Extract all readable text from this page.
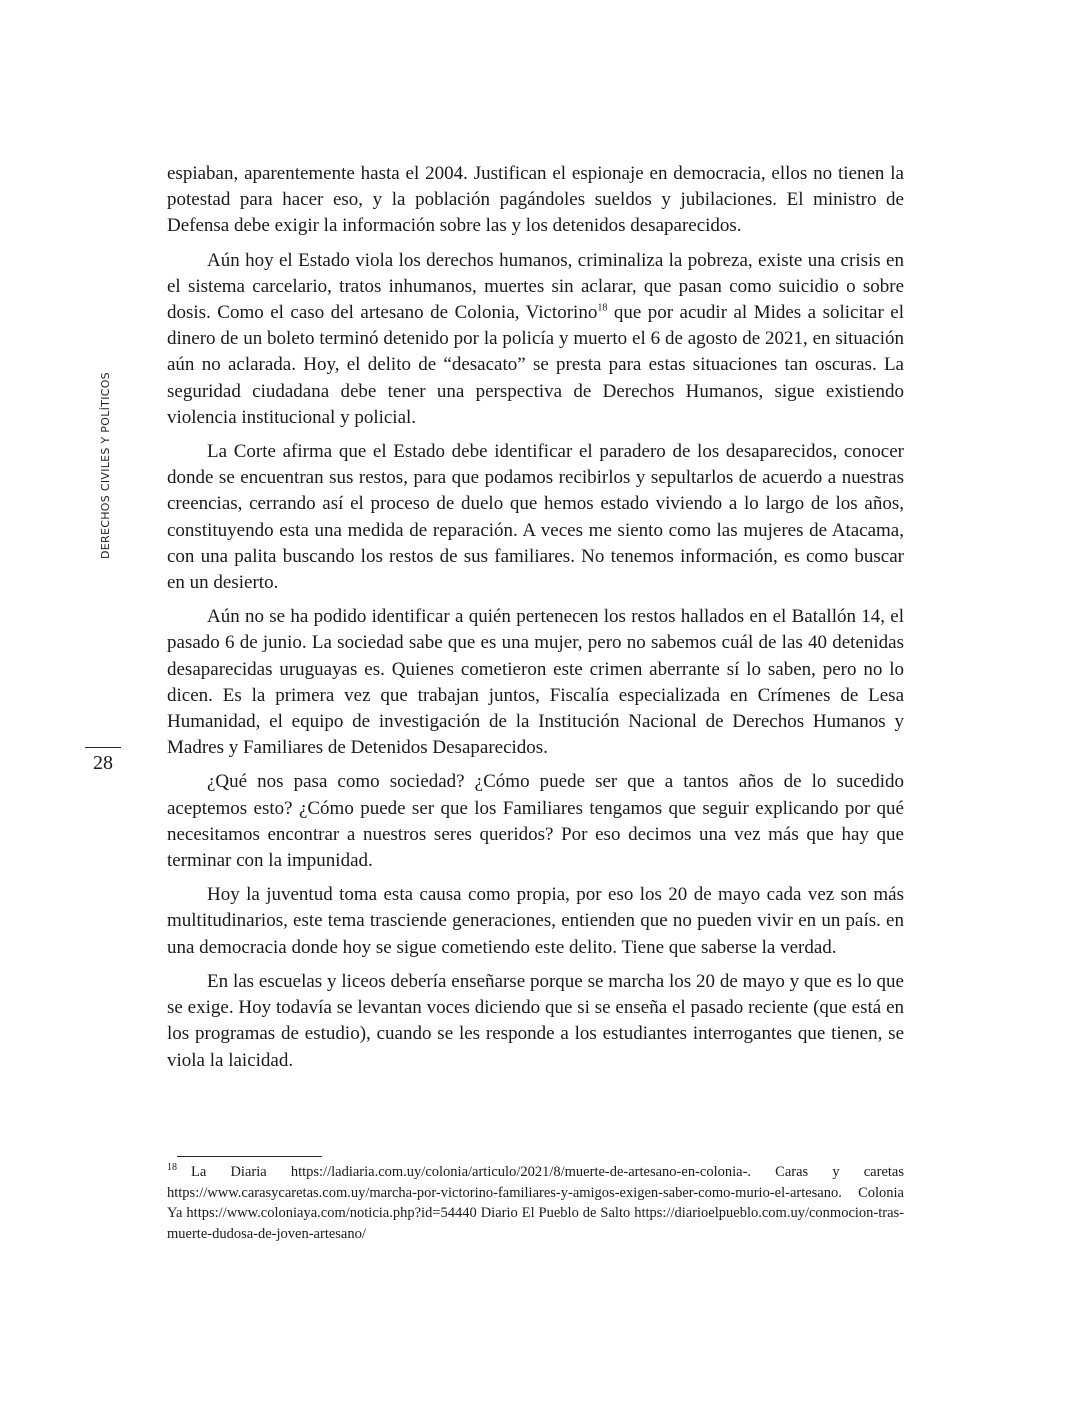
DERECHOS CIVILES Y POLÍTICOS
28

espiaban, aparentemente hasta el 2004. Justifican el espionaje en democracia, ellos no tienen la potestad para hacer eso, y la población pagándoles sueldos y jubilaciones. El ministro de Defensa debe exigir la información sobre las y los detenidos desaparecidos.

Aún hoy el Estado viola los derechos humanos, criminaliza la pobreza, existe una crisis en el sistema carcelario, tratos inhumanos, muertes sin aclarar, que pasan como suicidio o sobre dosis. Como el caso del artesano de Colonia, Victorino$^{18}$ que por acudir al Mides a solicitar el dinero de un boleto terminó detenido por la policía y muerto el 6 de agosto de 2021, en situación aún no aclarada. Hoy, el delito de “desacato” se presta para estas situaciones tan oscuras. La seguridad ciudadana debe tener una perspectiva de Derechos Humanos, sigue existiendo violencia institucional y policial.

La Corte afirma que el Estado debe identificar el paradero de los desaparecidos, conocer donde se encuentran sus restos, para que podamos recibirlos y sepultarlos de acuerdo a nuestras creencias, cerrando así el proceso de duelo que hemos estado viviendo a lo largo de los años, constituyendo esta una medida de reparación. A veces me siento como las mujeres de Atacama, con una palita buscando los restos de sus familiares. No tenemos información, es como buscar en un desierto.

Aún no se ha podido identificar a quién pertenecen los restos hallados en el Batallón 14, el pasado 6 de junio. La sociedad sabe que es una mujer, pero no sabemos cuál de las 40 detenidas desaparecidas uruguayas es. Quienes cometieron este crimen aberrante sí lo saben, pero no lo dicen. Es la primera vez que trabajan juntos, Fiscalía especializada en Crímenes de Lesa Humanidad, el equipo de investigación de la Institución Nacional de Derechos Humanos y Madres y Familiares de Detenidos Desaparecidos.

¿Qué nos pasa como sociedad? ¿Cómo puede ser que a tantos años de lo sucedido aceptemos esto? ¿Cómo puede ser que los Familiares tengamos que seguir explicando por qué necesitamos encontrar a nuestros seres queridos? Por eso decimos una vez más que hay que terminar con la impunidad.

Hoy la juventud toma esta causa como propia, por eso los 20 de mayo cada vez son más multitudinarios, este tema trasciende generaciones, entienden que no pueden vivir en un país. en una democracia donde hoy se sigue cometiendo este delito. Tiene que saberse la verdad.

En las escuelas y liceos debería enseñarse porque se marcha los 20 de mayo y que es lo que se exige. Hoy todavía se levantan voces diciendo que si se enseña el pasado reciente (que está en los programas de estudio), cuando se les responde a los estudiantes interrogantes que tienen, se viola la laicidad.

$^{18}$ La Diaria https://ladiaria.com.uy/colonia/articulo/2021/8/muerte-de-artesano-en-colonia-. Caras y caretas https://www.carasycaretas.com.uy/marcha-por-victorino-familiares-y-amigos-exigen-saber-como-murio-el-artesano. Colonia Ya https://www.coloniaya.com/noticia.php?id=54440 Diario El Pueblo de Salto https://diarioelpueblo.com.uy/conmocion-tras-muerte-dudosa-de-joven-artesano/
